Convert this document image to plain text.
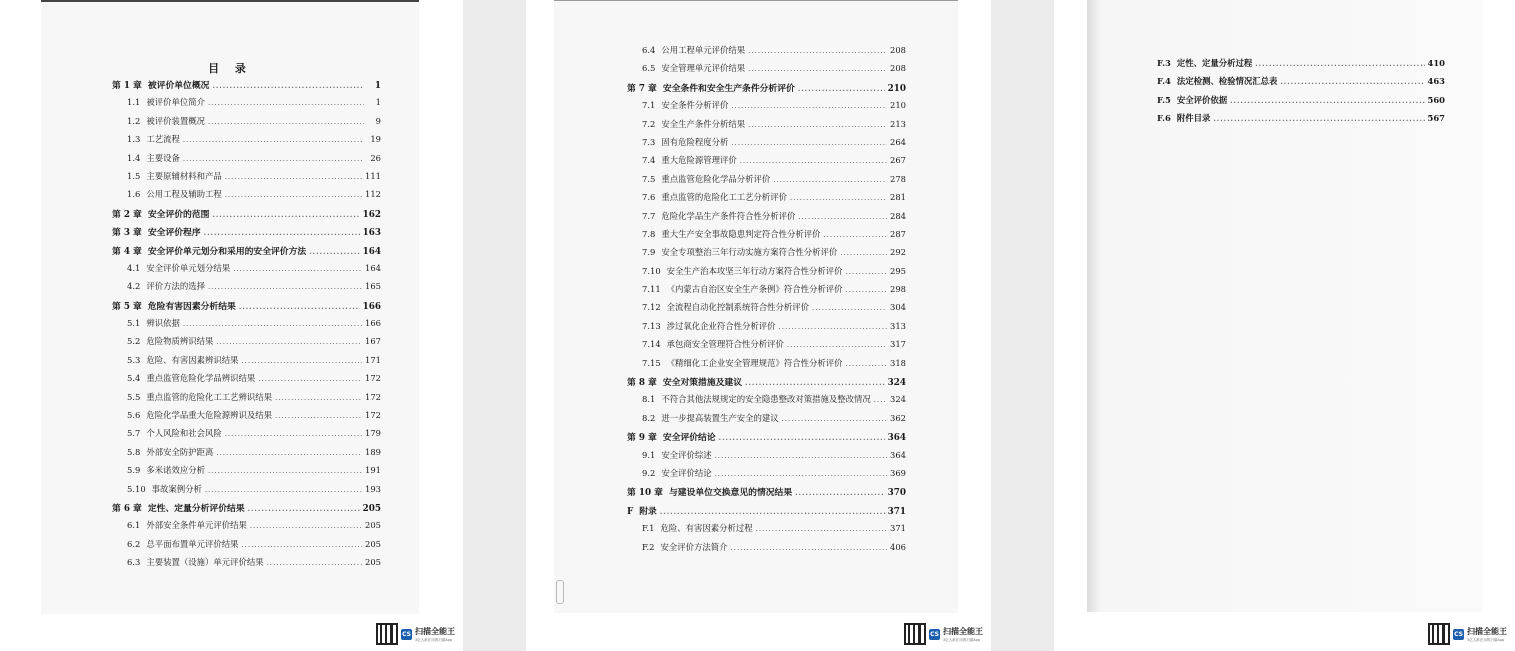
目 录
第 1 章 被评价单位概况 .....	1
1.1 被评价单位简介 .....	1
1.2 被评价装置概况 .....	9
1.3 工艺流程 .....	19
1.4 主要设备 .....	26
1.5 主要原辅材料和产品 .....	111
1.6 公用工程及辅助工程 .....	112
第 2 章 安全评价的范围 .....	162
第 3 章 安全评价程序 .....	163
第 4 章 安全评价单元划分和采用的安全评价方法 .....	164
4.1 安全评价单元划分结果 .....	164
4.2 评价方法的选择 .....	165
第 5 章 危险有害因素分析结果 .....	166
5.1 辨识依据 .....	166
5.2 危险物质辨识结果 .....	167
5.3 危险、有害因素辨识结果 .....	171
5.4 重点监管危险化学品辨识结果 .....	172
5.5 重点监管的危险化工工艺辨识结果 .....	172
5.6 危险化学品重大危险源辨识及结果 .....	172
5.7 个人风险和社会风险 .....	179
5.8 外部安全防护距离 .....	189
5.9 多米诺效应分析 .....	191
5.10 事故案例分析 .....	193
第 6 章 定性、定量分析评价结果 .....	205
6.1 外部安全条件单元评价结果 .....	205
6.2 总平面布置单元评价结果 .....	205
6.3 主要装置（设施）单元评价结果 .....	205
CS 扫描全能王
3亿人都在用的扫描App
6.4 公用工程单元评价结果 .....	208
6.5 安全管理单元评价结果 .....	208
第 7 章 安全条件和安全生产条件分析评价 .....	210
7.1 安全条件分析评价 .....	210
7.2 安全生产条件分析结果 .....	213
7.3 固有危险程度分析 .....	264
7.4 重大危险源管理评价 .....	267
7.5 重点监管危险化学品分析评价 .....	278
7.6 重点监管的危险化工工艺分析评价 .....	281
7.7 危险化学品生产条件符合性分析评价 .....	284
7.8 重大生产安全事故隐患判定符合性分析评价 .....	287
7.9 安全专项整治三年行动实施方案符合性分析评价 .....	292
7.10 安全生产治本攻坚三年行动方案符合性分析评价 .....	295
7.11 《内蒙古自治区安全生产条例》符合性分析评价 .....	298
7.12 全流程自动化控制系统符合性分析评价 .....	304
7.13 涉过氧化企业符合性分析评价 .....	313
7.14 承包商安全管理符合性分析评价 .....	317
7.15 《精细化工企业安全管理规范》符合性分析评价 .....	318
第 8 章 安全对策措施及建议 .....	324
8.1 不符合其他法规规定的安全隐患整改对策措施及整改情况 ..... 324
8.2 进一步提高装置生产安全的建议 .....	362
第 9 章 安全评价结论 .....	364
9.1 安全评价综述 .....	364
9.2 安全评价结论 .....	369
第 10 章 与建设单位交换意见的情况结果 .....	370
F 附录 .....	371
F.1 危险、有害因素分析过程 .....	371
F.2 安全评价方法简介 .....	406
CS 扫描全能王
3亿人都在用的扫描App
F.3 定性、定量分析过程 .....	410
F.4 法定检测、检验情况汇总表 .....	463
F.5 安全评价依据 .....	560
F.6 附件目录 .....	567
CS 扫描全能王
3亿人都在用的扫描App
